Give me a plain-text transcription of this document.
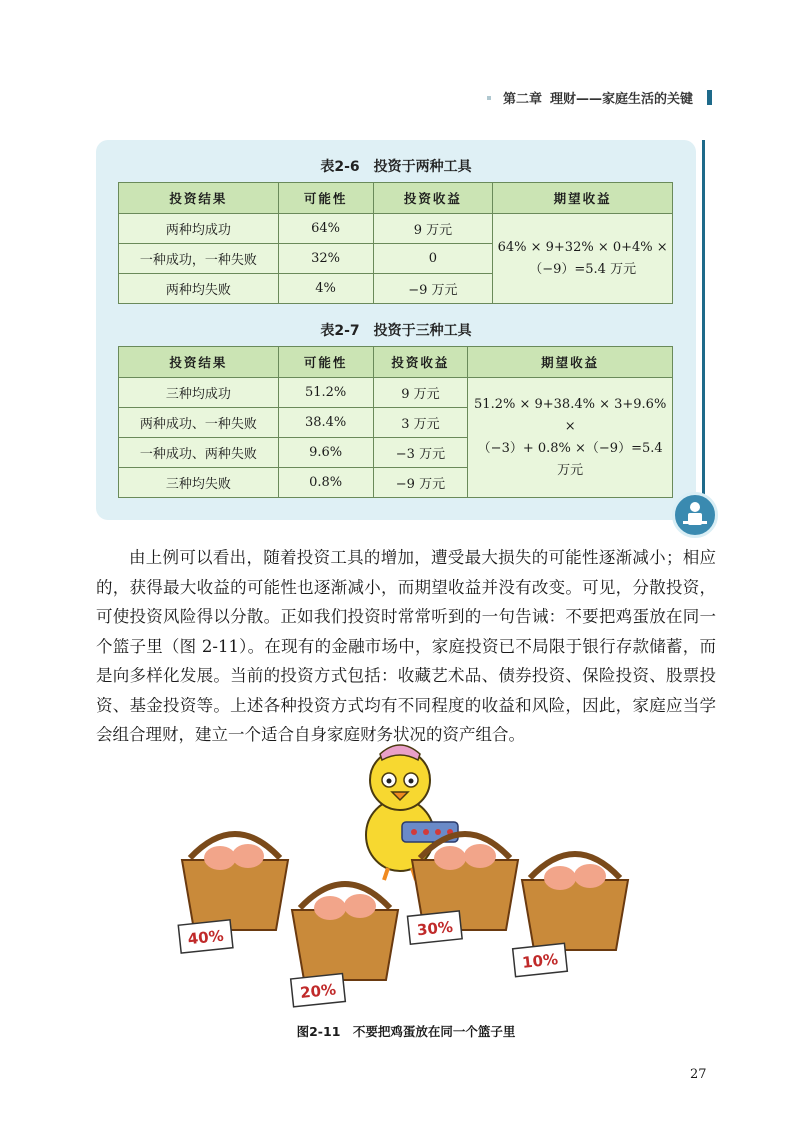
第二章 理财——家庭生活的关键
表2-6　投资于两种工具
投资结果	可能性	投资收益	期望收益
两种均成功	64%	9 万元	64% × 9+32% × 0+4% ×
（−9）=5.4 万元

一种成功，一种失败	32%	0	
两种均失败	4%	−9 万元	
表2-7　投资于三种工具
投资结果	可能性	投资收益	期望收益
三种均成功	51.2%	9 万元	51.2% × 9+38.4% × 3+9.6% ×
（−3）+ 0.8% ×（−9）=5.4 万元

两种成功、一种失败	38.4%	3 万元	
一种成功、两种失败	9.6%	−3 万元	
三种均失败	0.8%	−9 万元	
由上例可以看出，随着投资工具的增加，遭受最大损失的可能性逐渐减小；相应的，获得最大收益的可能性也逐渐减小，而期望收益并没有改变。可见，分散投资，可使投资风险得以分散。正如我们投资时常常听到的一句告诫：不要把鸡蛋放在同一个篮子里（图 2-11）。在现有的金融市场中，家庭投资已不局限于银行存款储蓄，而是向多样化发展。当前的投资方式包括：收藏艺术品、债券投资、保险投资、股票投资、基金投资等。上述各种投资方式均有不同程度的收益和风险，因此，家庭应当学会组合理财，建立一个适合自身家庭财务状况的资产组合。
40%
20%
30%
10%
图2-11　不要把鸡蛋放在同一个篮子里
27
